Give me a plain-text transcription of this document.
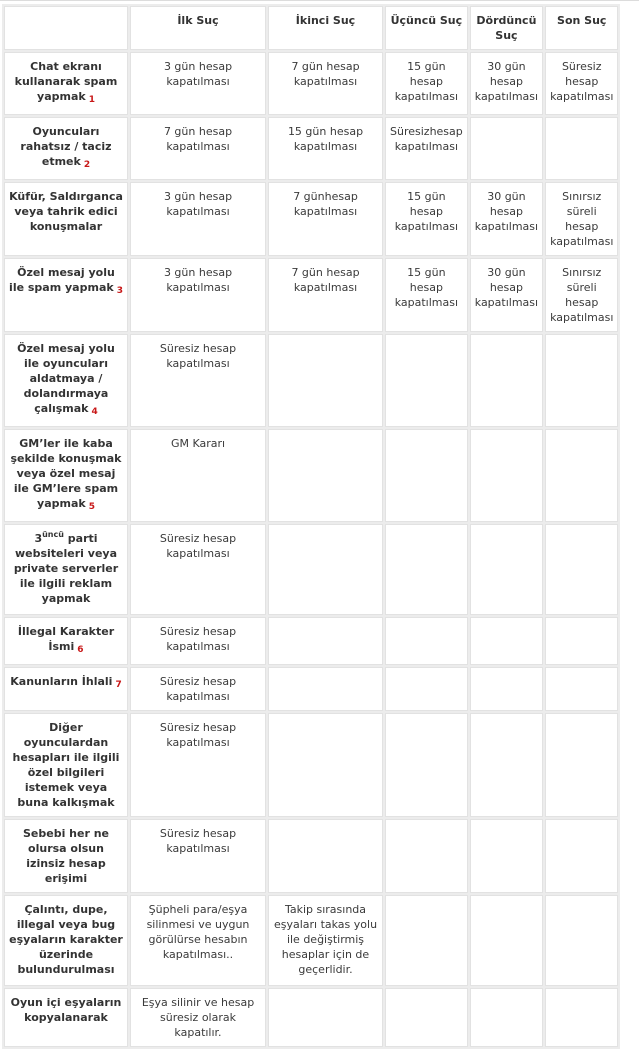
	İlk Suç	İkinci Suç	Üçüncü Suç	Dördüncü Suç	Son Suç
Chat ekranı kullanarak spam yapmak 1	3 gün hesap kapatılması	7 gün hesap kapatılması	15 gün hesap kapatılması	30 gün hesap kapatılması	Süresiz hesap kapatılması
Oyuncuları rahatsız / taciz etmek 2	7 gün hesap kapatılması	15 gün hesap kapatılması	Süresizhesap kapatılması		
Küfür, Saldırganca veya tahrik edici konuşmalar	3 gün hesap kapatılması	7 günhesap kapatılması	15 gün hesap kapatılması	30 gün hesap kapatılması	Sınırsız süreli hesap kapatılması
Özel mesaj yolu ile spam yapmak 3	3 gün hesap kapatılması	7 gün hesap kapatılması	15 gün hesap kapatılması	30 gün hesap kapatılması	Sınırsız süreli hesap kapatılması
Özel mesaj yolu ile oyuncuları aldatmaya / dolandırmaya çalışmak 4	Süresiz hesap kapatılması				
GM’ler ile kaba şekilde konuşmak veya özel mesaj ile GM’lere spam yapmak 5	GM Kararı				
$3^{üncü}$ parti websiteleri veya private serverler ile ilgili reklam yapmak	Süresiz hesap kapatılması				
İllegal Karakter İsmi 6	Süresiz hesap kapatılması				
Kanunların İhlali 7	Süresiz hesap kapatılması				
Diğer oyunculardan hesapları ile ilgili özel bilgileri istemek veya buna kalkışmak	Süresiz hesap kapatılması				
Sebebi her ne olursa olsun izinsiz hesap erişimi	Süresiz hesap kapatılması				
Çalıntı, dupe, illegal veya bug eşyaların karakter üzerinde bulundurulması	Şüpheli para/eşya silinmesi ve uygun görülürse hesabın kapatılması..	Takip sırasında eşyaları takas yolu ile değiştirmiş hesaplar için de geçerlidir.			
Oyun içi eşyaların kopyalanarak	Eşya silinir ve hesap süresiz olarak kapatılır.				
